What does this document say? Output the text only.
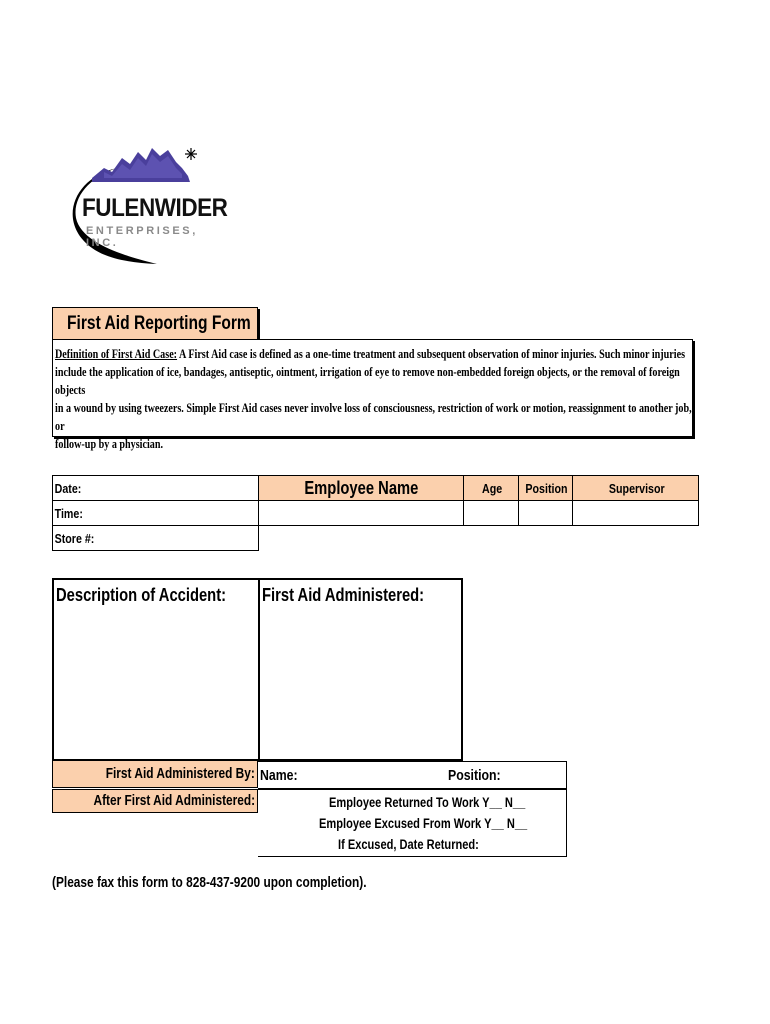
FULENWIDER
ENTERPRISES, INC.
First Aid Reporting Form
Definition of First Aid Case: A First Aid case is defined as a one-time treatment and subsequent observation of minor injuries. Such minor injuries
include the application of ice, bandages, antiseptic, ointment, irrigation of eye to remove non-embedded foreign objects, or the removal of foreign objects
in a wound by using tweezers. Simple First Aid cases never involve loss of consciousness, restriction of work or motion, reassignment to another job, or
follow-up by a physician.
Date:	Employee Name	Age	Position	Supervisor
Time:				
Store #:				
Description of Accident: First Aid Administered:
First Aid Administered By:
After First Aid Administered:
Name:	Position:
Employee Returned To Work Y__ N__
Employee Excused From Work Y__ N__
If Excused, Date Returned:
(Please fax this form to 828-437-9200 upon completion).
